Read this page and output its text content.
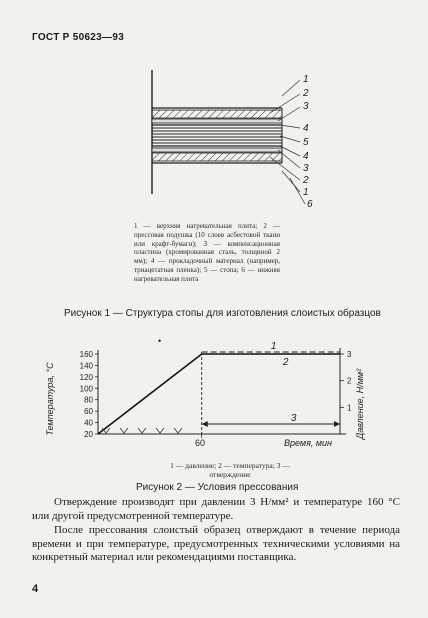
ГОСТ Р 50623—93
1
2
3
4
5
4
3
2
1
6
1 — верхняя нагревательная плита; 2 — прессовая подушка (10 слоев асбестовой ткани или крафт-бумаги); 3 — компенсационная пластина (хромированная сталь, толщиной 2 мм); 4 — прокладочный материал (например, триацетатная пленка); 5 — стопа; 6 — нижняя нагревательная плита
Рисунок 1 — Структура стопы для изготовления слоистых образцов
Температура, °С	Давление, Н/мм²
Время, мин
60
160
140
120
100
80
60
40
20
3
2
1
1
2
3
•
1 — давление; 2 — температура; 3 — отверждение
Рисунок 2 — Условия прессования
Отверждение производят при давлении 3 Н/мм² и температуре 160 °С или другой предусмотренной температуре.
После прессования слоистый образец отверждают в течение периода времени и при температуре, предусмотренных техническими условиями на конкретный материал или рекомендациями поставщика.
4
